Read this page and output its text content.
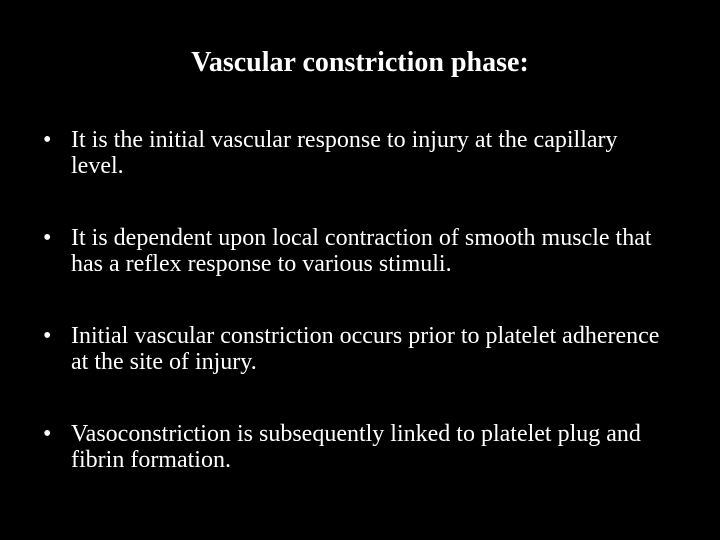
Vascular constriction phase:
• It is the initial vascular response to injury at the capillary level.
• It is dependent upon local contraction of smooth muscle that has a reflex response to various stimuli.
• Initial vascular constriction occurs prior to platelet adherence at the site of injury.
• Vasoconstriction is subsequently linked to platelet plug and fibrin formation.
